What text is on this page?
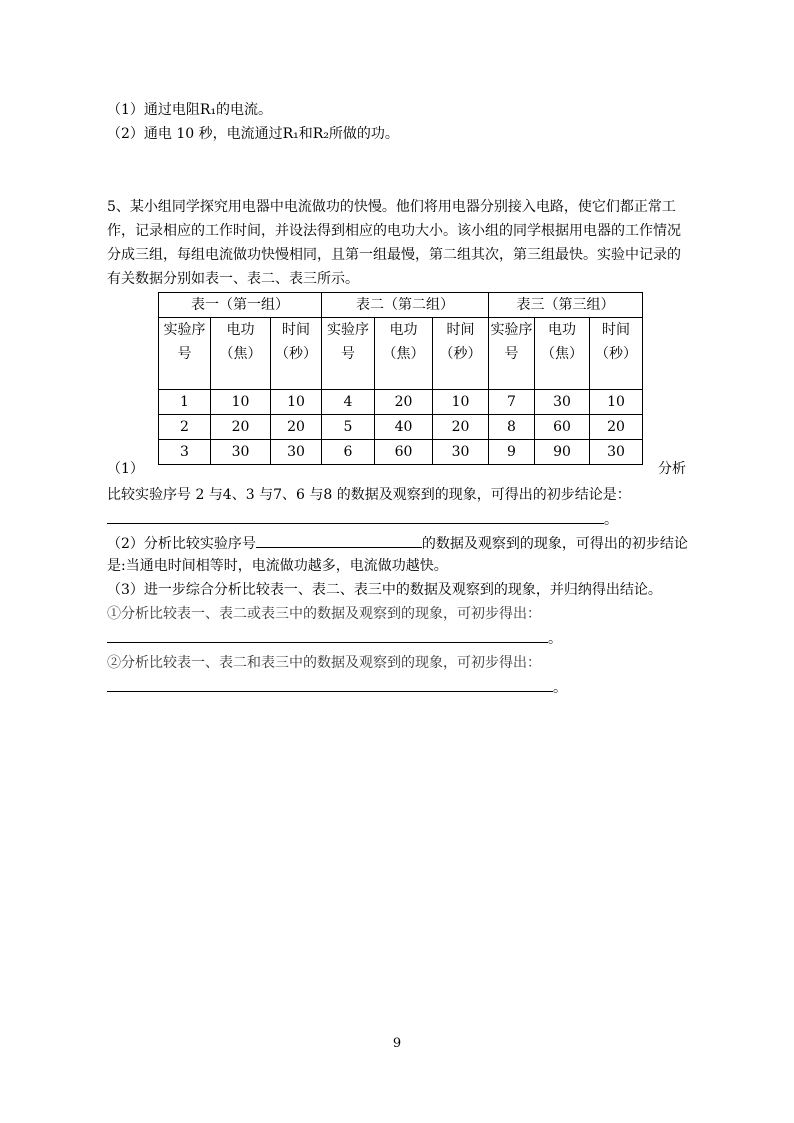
（1）通过电阻R₁的电流。
（2）通电 10 秒，电流通过R₁和R₂所做的功。
5、某小组同学探究用电器中电流做功的快慢。他们将用电器分别接入电路，使它们都正常工
作，记录相应的工作时间，并设法得到相应的电功大小。该小组的同学根据用电器的工作情况
分成三组，每组电流做功快慢相同，且第一组最慢，第二组其次，第三组最快。实验中记录的
有关数据分别如表一、表二、表三所示。
表一（第一组）			表二（第二组）			表三（第三组）		
实验序号	电功（焦）	时间（秒）	实验序号	电功（焦）	时间（秒）	实验序号	电功（焦）	时间（秒）
1	10	10	4	20	10	7	30	10
2	20	20	5	40	20	8	60	20
3	30	30	6	60	30	9	90	30
（1）	分析
比较实验序号 2 与4、3 与7、6 与8 的数据及观察到的现象，可得出的初步结论是：
。
（2）分析比较实验序号	的数据及观察到的现象，可得出的初步结论
是:当通电时间相等时，电流做功越多，电流做功越快。
（3）进一步综合分析比较表一、表二、表三中的数据及观察到的现象，并归纳得出结论。
①分析比较表一、表二或表三中的数据及观察到的现象，可初步得出：
。
②分析比较表一、表二和表三中的数据及观察到的现象，可初步得出：
。
9
